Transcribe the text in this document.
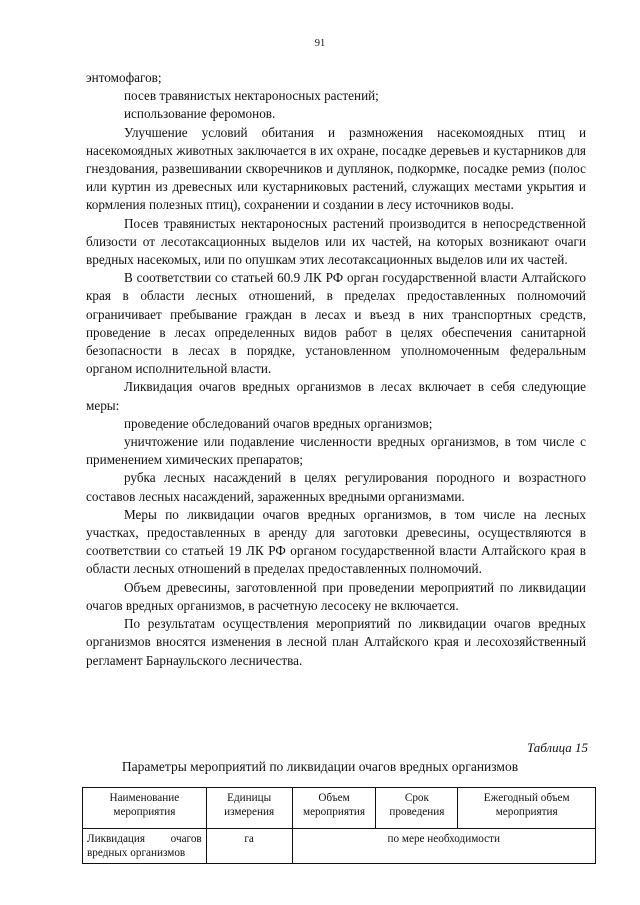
91

энтомофагов;

посев травянистых нектароносных растений;

использование феромонов.

Улучшение условий обитания и размножения насекомоядных птиц и насекомоядных животных заключается в их охране, посадке деревьев и кустарников для гнездования, развешивании скворечников и дуплянок, подкормке, посадке ремиз (полос или куртин из древесных или кустарниковых растений, служащих местами укрытия и кормления полезных птиц), сохранении и создании в лесу источников воды.

Посев травянистых нектароносных растений производится в непосредственной близости от лесотаксационных выделов или их частей, на которых возникают очаги вредных насекомых, или по опушкам этих лесотаксационных выделов или их частей.

В соответствии со статьей 60.9 ЛК РФ орган государственной власти Алтайского края в области лесных отношений, в пределах предоставленных полномочий ограничивает пребывание граждан в лесах и въезд в них транспортных средств, проведение в лесах определенных видов работ в целях обеспечения санитарной безопасности в лесах в порядке, установленном уполномоченным федеральным органом исполнительной власти.

Ликвидация очагов вредных организмов в лесах включает в себя следующие меры:

проведение обследований очагов вредных организмов;

уничтожение или подавление численности вредных организмов, в том числе с применением химических препаратов;

рубка лесных насаждений в целях регулирования породного и возрастного составов лесных насаждений, зараженных вредными организмами.

Меры по ликвидации очагов вредных организмов, в том числе на лесных участках, предоставленных в аренду для заготовки древесины, осуществляются в соответствии со статьей 19 ЛК РФ органом государственной власти Алтайского края в области лесных отношений в пределах предоставленных полномочий.

Объем древесины, заготовленной при проведении мероприятий по ликвидации очагов вредных организмов, в расчетную лесосеку не включается.

По результатам осуществления мероприятий по ликвидации очагов вредных организмов вносятся изменения в лесной план Алтайского края и лесохозяйственный регламент Барнаульского лесничества.

Таблица 15
Параметры мероприятий по ликвидации очагов вредных организмов
Наименование мероприятия	Единицы измерения	Объем мероприятия	Срок проведения	Ежегодный объем мероприятия
Ликвидация очагов
вредных организмов	га	по мере необходимости		
